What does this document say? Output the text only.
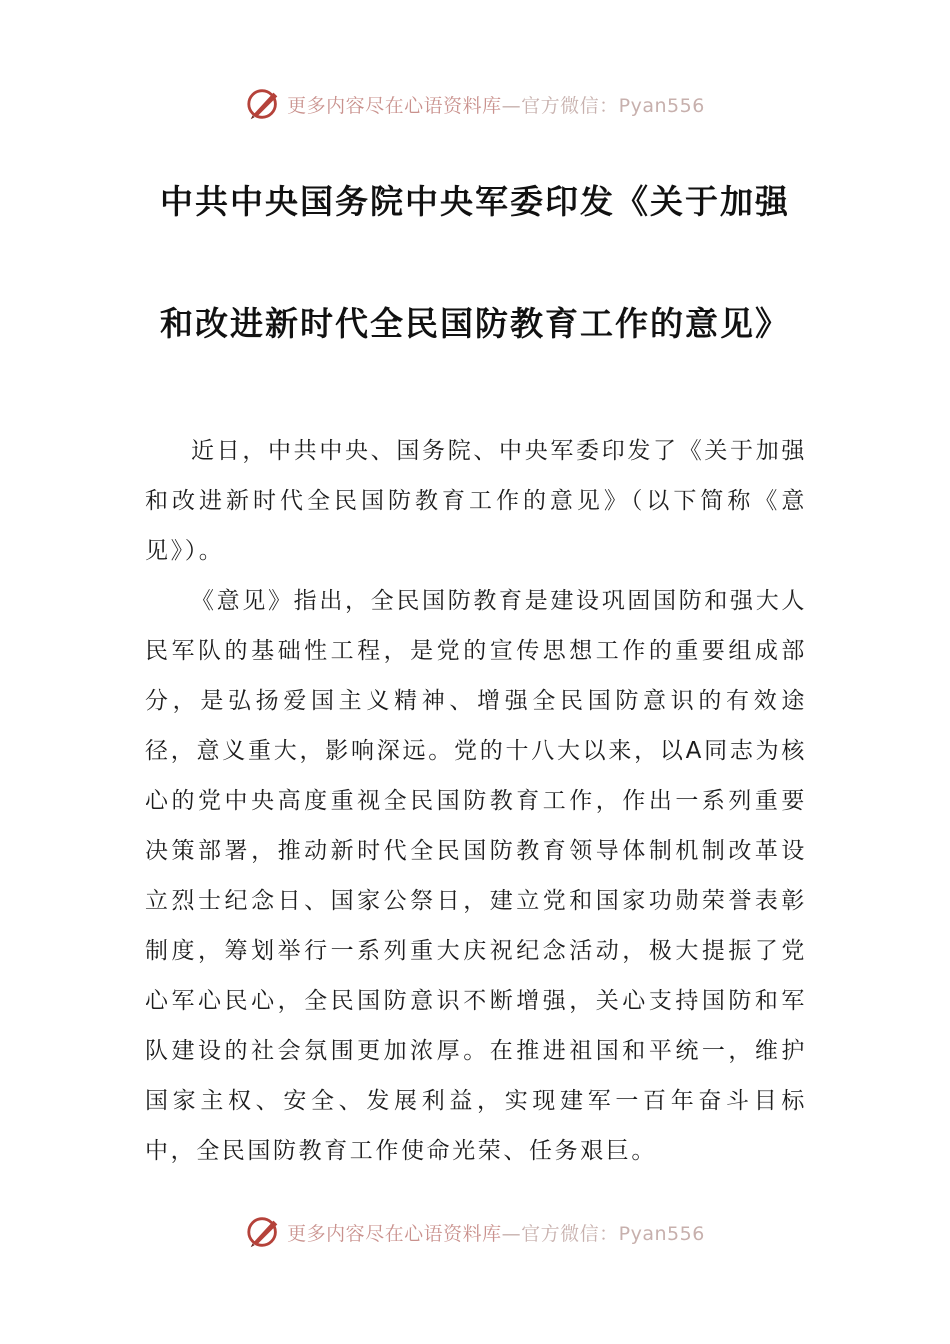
更多内容尽在心语资料库 —官方微信：Pyan556
中共中央国务院中央军委印发《关于加强
和改进新时代全民国防教育工作的意见》

近日，中共中央、国务院、中央军委印发了《关于加强和改进新时代全民国防教育工作的意见》（以下简称《意见》）。

《意见》指出，全民国防教育是建设巩固国防和强大人民军队的基础性工程，是党的宣传思想工作的重要组成部分，是弘扬爱国主义精神、增强全民国防意识的有效途径，意义重大，影响深远。党的十八大以来，以A同志为核心的党中央高度重视全民国防教育工作，作出一系列重要决策部署，推动新时代全民国防教育领导体制机制改革设立烈士纪念日、国家公祭日，建立党和国家功勋荣誉表彰制度，筹划举行一系列重大庆祝纪念活动，极大提振了党心军心民心，全民国防意识不断增强，关心支持国防和军队建设的社会氛围更加浓厚。在推进祖国和平统一，维护国家主权、安全、发展利益，实现建军一百年奋斗目标中，全民国防教育工作使命光荣、任务艰巨。

更多内容尽在心语资料库 —官方微信：Pyan556
